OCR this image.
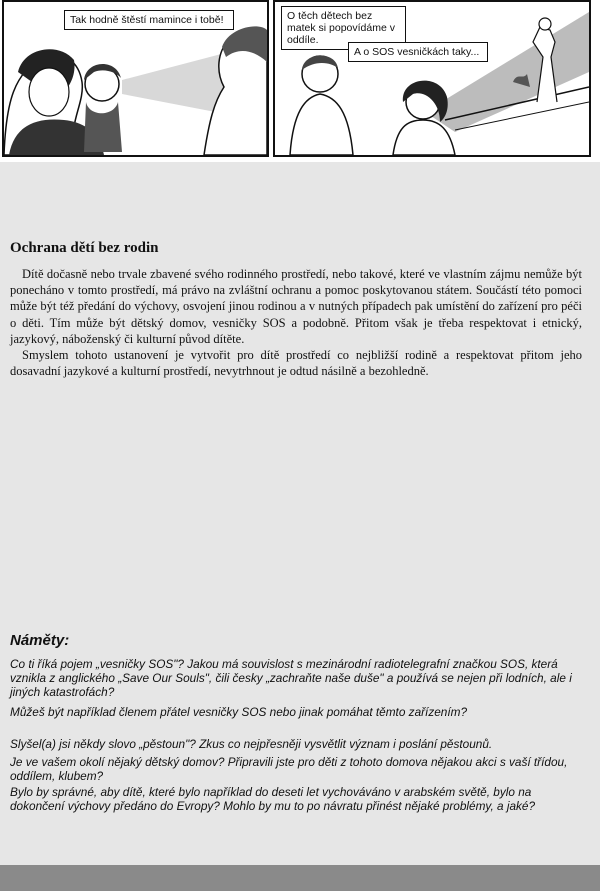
Tak hodně štěstí mamince i tobě!	O těch dětech bez matek si popovídáme v oddíle.
A o SOS vesničkách taky...
Ochrana dětí bez rodin

Dítě dočasně nebo trvale zbavené svého rodinného prostředí, nebo takové, které ve vlastním zájmu nemůže být ponecháno v tomto prostředí, má právo na zvláštní ochranu a pomoc poskytovanou státem. Součástí této pomoci může být též předání do výchovy, osvojení jinou rodinou a v nutných případech pak umístění do zařízení pro péči o děti. Tím může být dětský domov, vesničky SOS a podobně. Přitom však je třeba respektovat i etnický, jazykový, náboženský či kulturní původ dítěte.

Smyslem tohoto ustanovení je vytvořit pro dítě prostředí co nejbližší rodině a respektovat přitom jeho dosavadní jazykové a kulturní prostředí, nevytrhnout je odtud násilně a bezohledně.

Náměty:

Co ti říká pojem „vesničky SOS"? Jakou má souvislost s mezinárodní radiotelegrafní značkou SOS, která vznikla z anglického „Save Our Souls", čili česky „zachraňte naše duše" a používá se nejen při lodních, ale i jiných katastrofách?

Můžeš být například členem přátel vesničky SOS nebo jinak pomáhat těmto zařízením?

Slyšel(a) jsi někdy slovo „pěstoun"? Zkus co nejpřesněji vysvětlit význam i poslání pěstounů.

Je ve vašem okolí nějaký dětský domov? Připravili jste pro děti z tohoto domova nějakou akci s vaší třídou, oddílem, klubem?

Bylo by správné, aby dítě, které bylo například do deseti let vychováváno v arabském světě, bylo na dokončení výchovy předáno do Evropy? Mohlo by mu to po návratu přinést nějaké problémy, a jaké?
